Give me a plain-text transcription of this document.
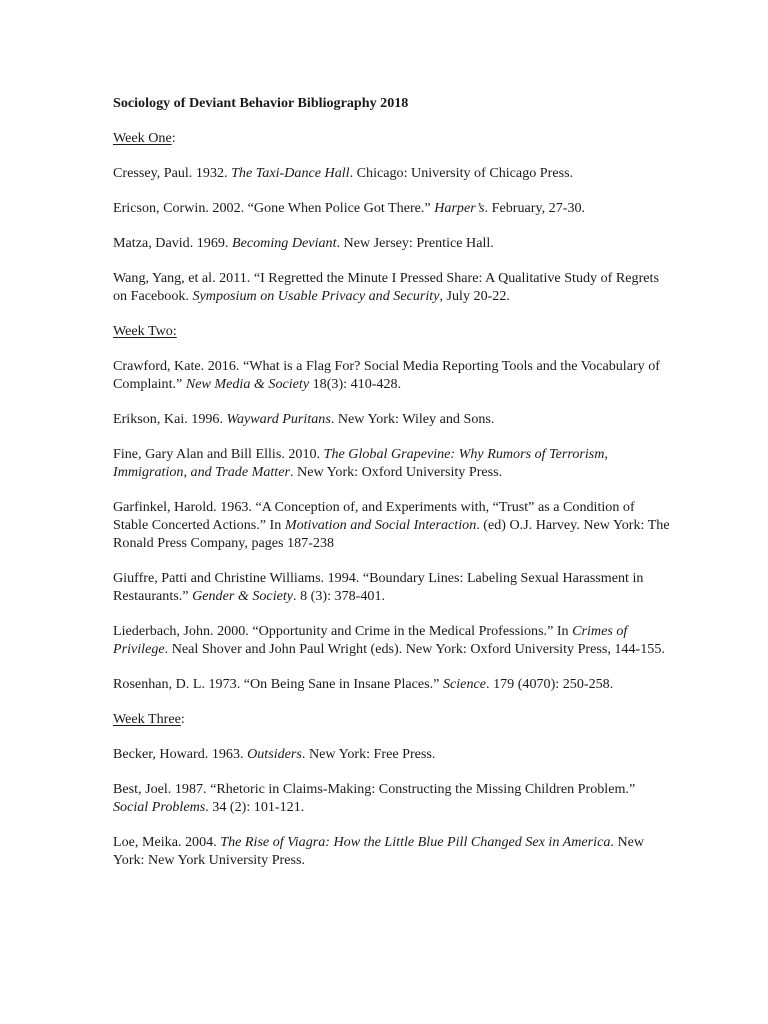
Sociology of Deviant Behavior Bibliography 2018
Week One:
Cressey, Paul. 1932. The Taxi-Dance Hall. Chicago: University of Chicago Press.
Ericson, Corwin. 2002. “Gone When Police Got There.” Harper’s. February, 27-30.
Matza, David. 1969. Becoming Deviant. New Jersey: Prentice Hall.
Wang, Yang, et al. 2011. “I Regretted the Minute I Pressed Share: A Qualitative Study of Regrets on Facebook. Symposium on Usable Privacy and Security, July 20-22.
Week Two:
Crawford, Kate. 2016. “What is a Flag For? Social Media Reporting Tools and the Vocabulary of Complaint.” New Media & Society 18(3): 410-428.
Erikson, Kai. 1996. Wayward Puritans. New York: Wiley and Sons.
Fine, Gary Alan and Bill Ellis. 2010. The Global Grapevine: Why Rumors of Terrorism, Immigration, and Trade Matter. New York: Oxford University Press.
Garfinkel, Harold. 1963. “A Conception of, and Experiments with, “Trust” as a Condition of Stable Concerted Actions.” In Motivation and Social Interaction. (ed) O.J. Harvey. New York: The Ronald Press Company, pages 187-238
Giuffre, Patti and Christine Williams. 1994. “Boundary Lines: Labeling Sexual Harassment in Restaurants.” Gender & Society. 8 (3): 378-401.
Liederbach, John. 2000. “Opportunity and Crime in the Medical Professions.” In Crimes of Privilege. Neal Shover and John Paul Wright (eds). New York: Oxford University Press, 144-155.
Rosenhan, D. L. 1973. “On Being Sane in Insane Places.” Science. 179 (4070): 250-258.
Week Three:
Becker, Howard. 1963. Outsiders. New York: Free Press.
Best, Joel. 1987. “Rhetoric in Claims-Making: Constructing the Missing Children Problem.” Social Problems. 34 (2): 101-121.
Loe, Meika. 2004. The Rise of Viagra: How the Little Blue Pill Changed Sex in America. New York: New York University Press.
